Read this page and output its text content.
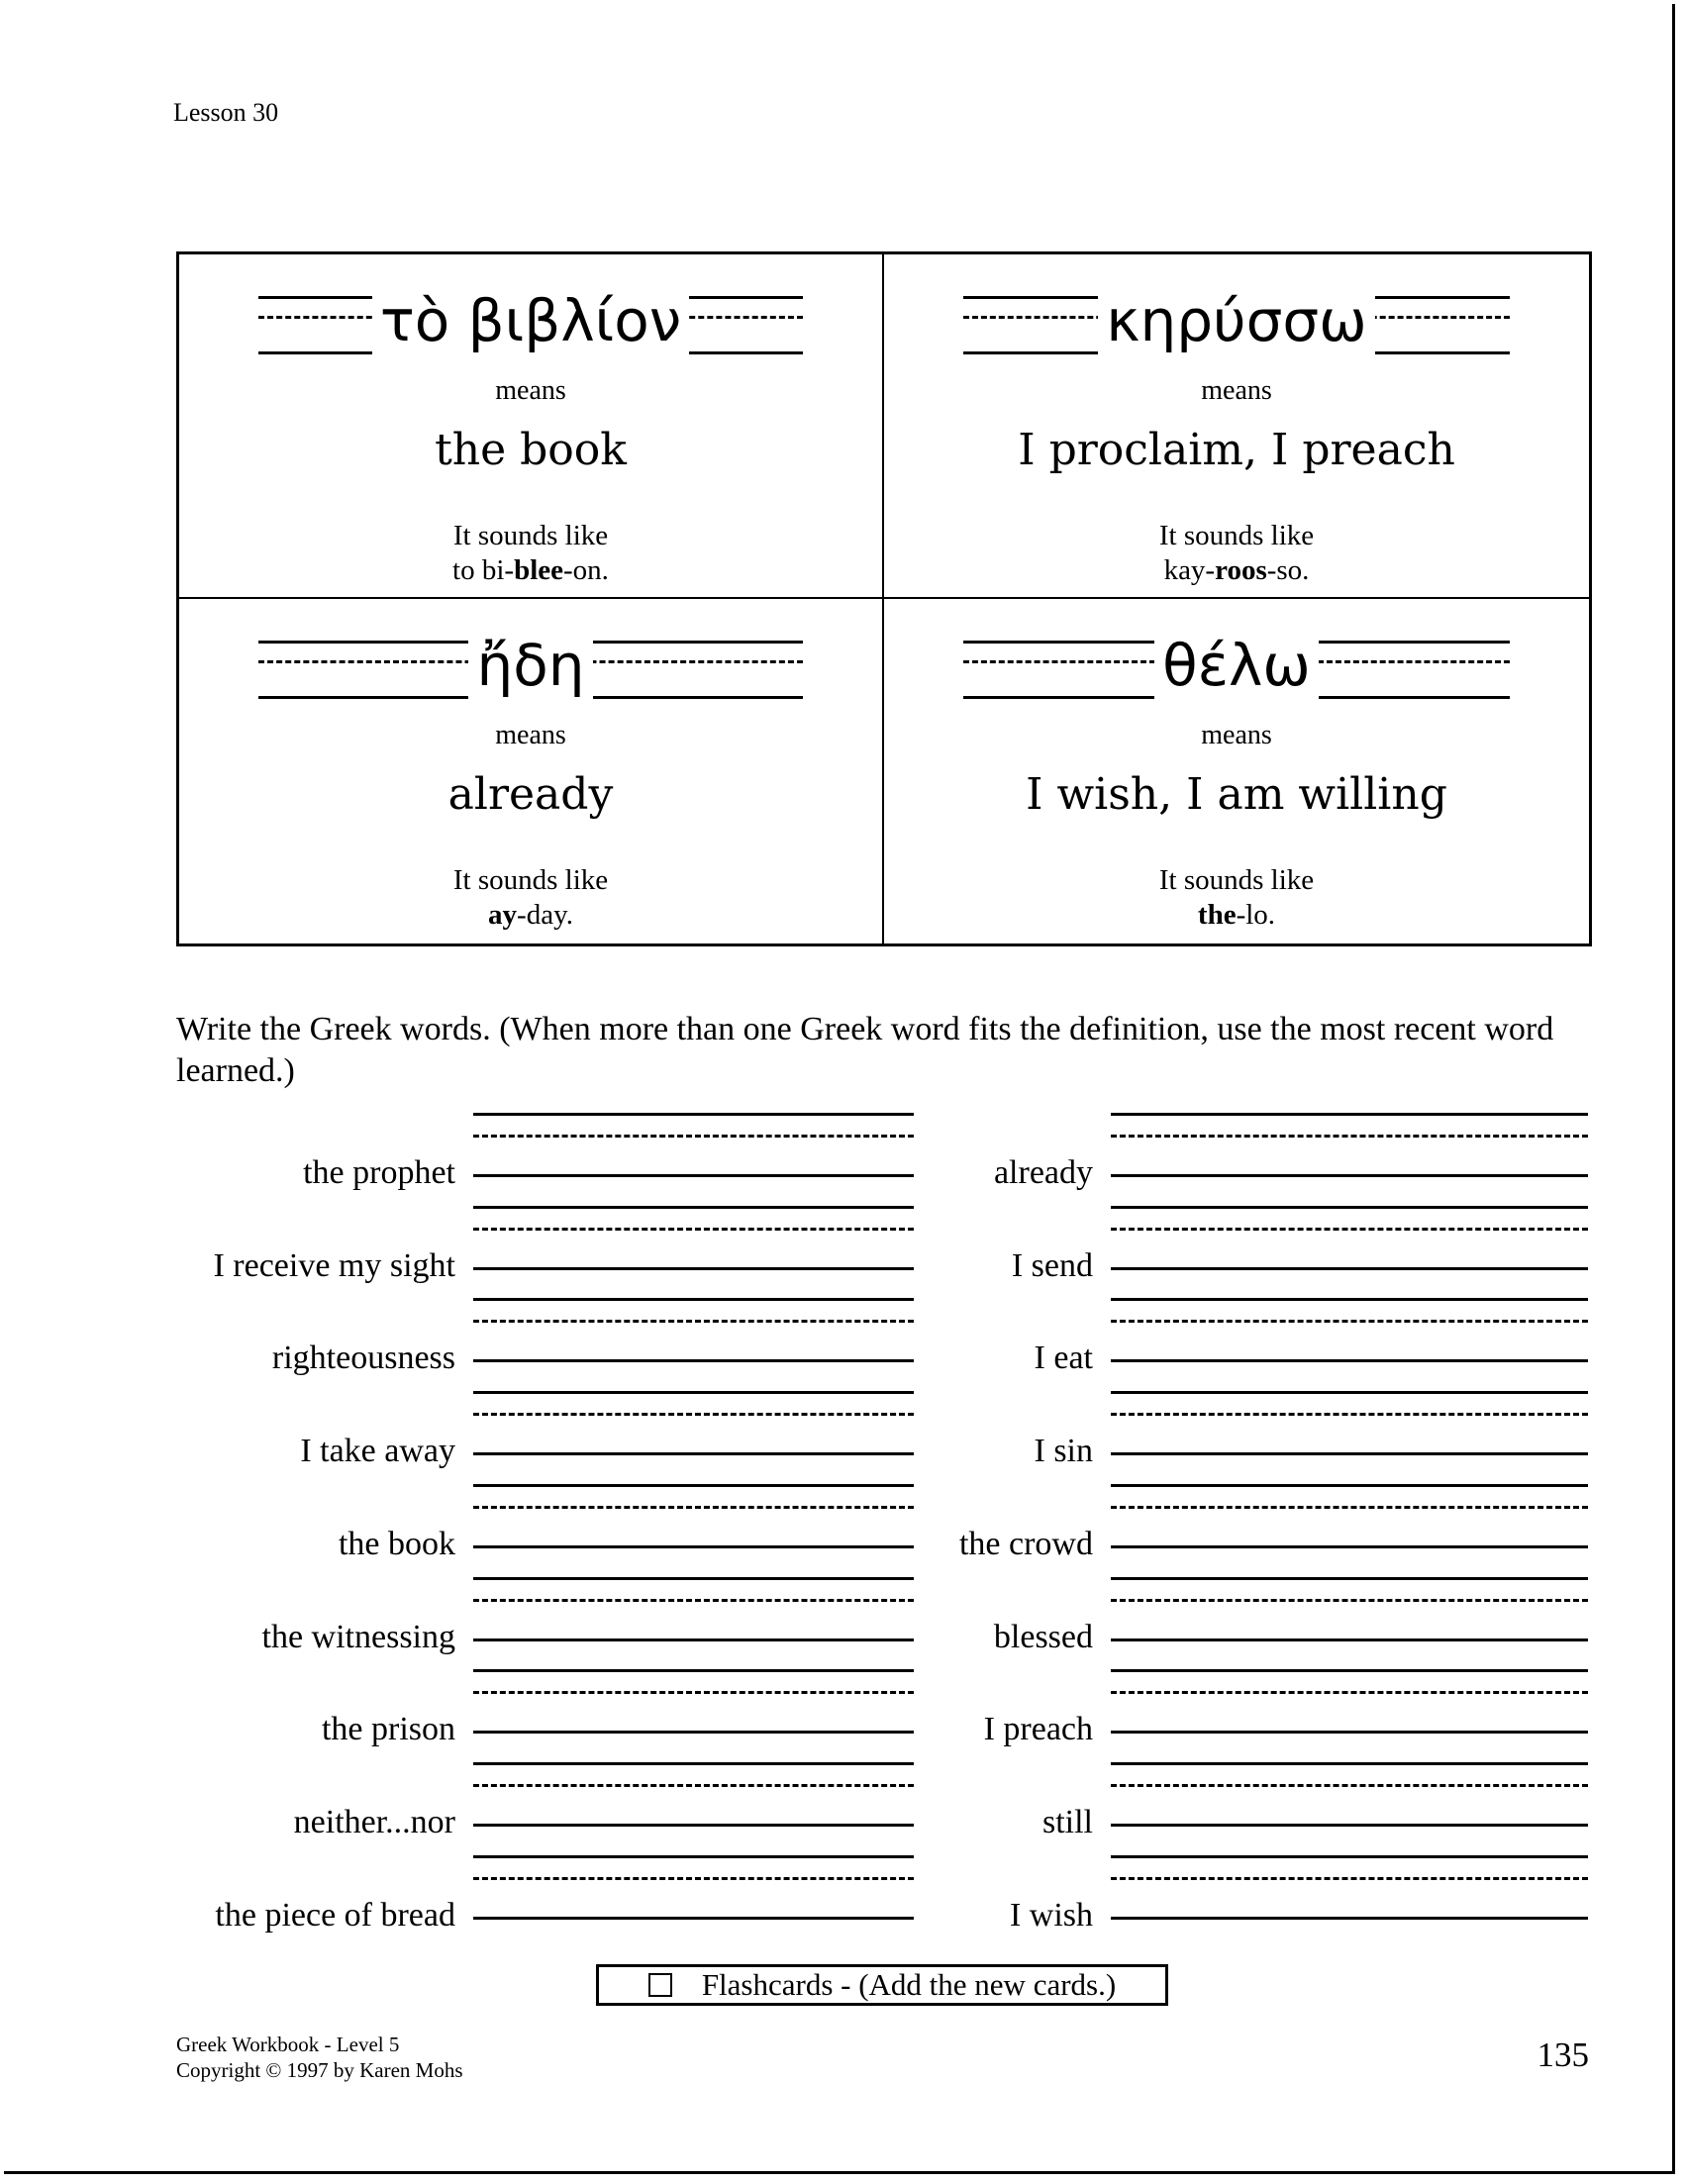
Lesson 30
τὸ βιβλίον
means
the book
It sounds like
to bi-blee-on.
κηρύσσω
means
I proclaim, I preach
It sounds like
kay-roos-so.
ἤδη
means
already
It sounds like
ay-day.
θέλω
means
I wish, I am willing
It sounds like
the-lo.
Write the Greek words. (When more than one Greek word fits the definition, use the most recent word learned.)
the prophet
I receive my sight
righteousness
I take away
the book
the witnessing
the prison
neither...nor
the piece of bread
already
I send
I eat
I sin
the crowd
blessed
I preach
still
I wish
Flashcards - (Add the new cards.)
Greek Workbook - Level 5
Copyright © 1997 by Karen Mohs	135
